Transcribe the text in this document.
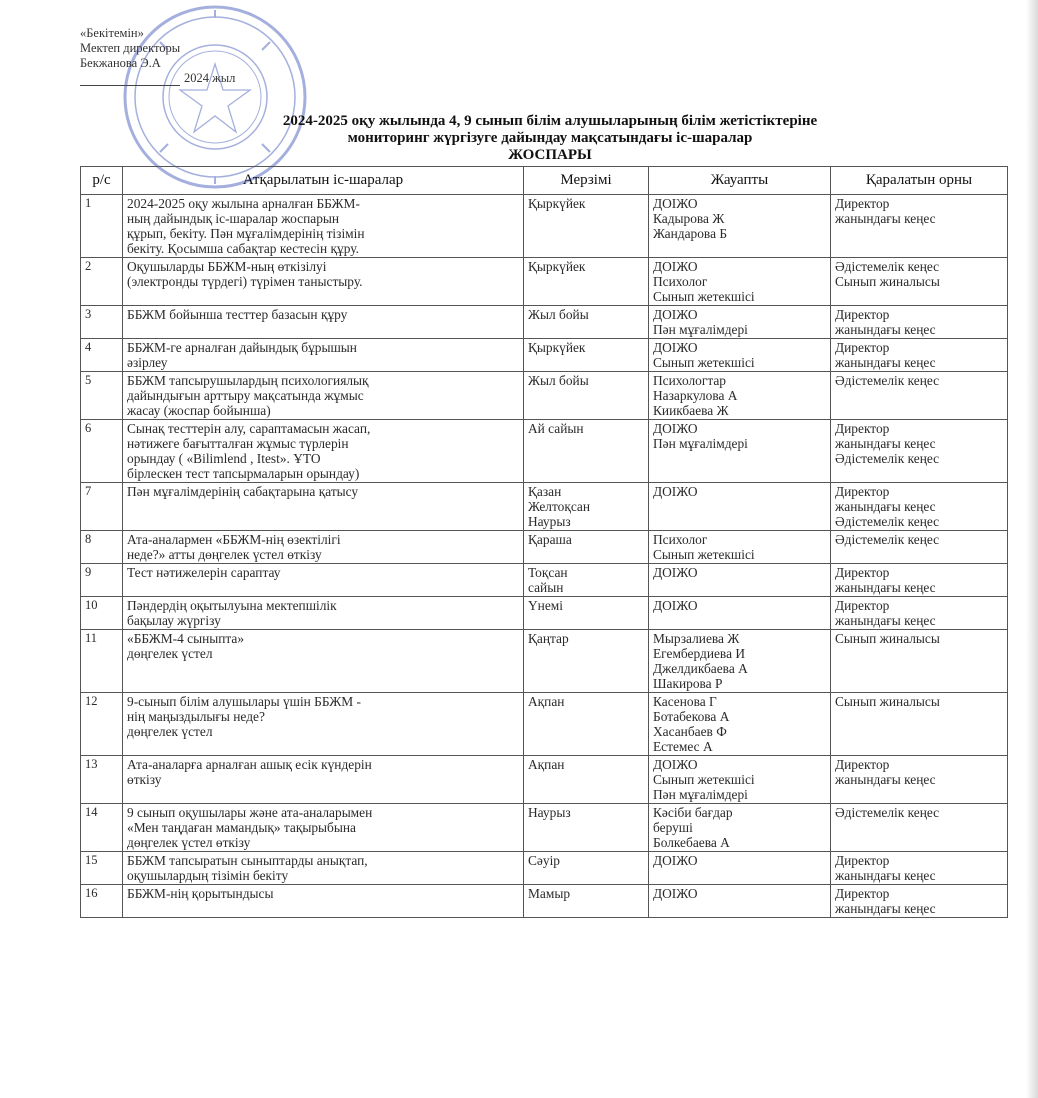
«Бекітемін»
Мектеп директоры
Бекжанова Э.А
2024 жыл
2024-2025 оқу жылында 4, 9 сынып білім алушыларының білім жетістіктеріне
мониторинг жүргізуге дайындау мақсатындағы іс-шаралар
ЖОСПАРЫ
р/с	Атқарылатын іс-шаралар	Мерзімі	Жауапты	Қаралатын орны
1	2024-2025 оқу жылына арналған ББЖМ-
ның дайындық іс-шаралар жоспарын
құрып, бекіту. Пән мұғалімдерінің тізімін
бекіту. Қосымша сабақтар кестесін құру.	Қыркүйек	ДОІЖО
Кадырова Ж
Жандарова Б	Директор
жанындағы кеңес

2	Оқушыларды ББЖМ-ның өткізілуі
(электронды түрдегі) түрімен таныстыру.	Қыркүйек	ДОІЖО
Психолог
Сынып жетекшісі	Әдістемелік кеңес
Сынып жиналысы

3	ББЖМ бойынша тесттер базасын құру	Жыл бойы	ДОІЖО
Пән мұғалімдері	Директор
жанындағы кеңес

4	ББЖМ-ге арналған дайындық бұрышын
әзірлеу	Қыркүйек	ДОІЖО
Сынып жетекшісі	Директор
жанындағы кеңес

5	ББЖМ тапсырушылардың психологиялық
дайындығын арттыру мақсатында жұмыс
жасау (жоспар бойынша)	Жыл бойы	Психологтар
Назаркулова А
Киикбаева Ж	Әдістемелік кеңес

6	Сынақ тесттерін алу, сараптамасын жасап,
нәтижеге бағытталған жұмыс түрлерін
орындау ( «Bilimlend , Itest». ҰТО
бірлескен тест тапсырмаларын орындау)	Ай сайын	ДОІЖО
Пән мұғалімдері	Директор
жанындағы кеңес
Әдістемелік кеңес

7	Пән мұғалімдерінің сабақтарына қатысу	Қазан
Желтоқсан
Наурыз	ДОІЖО	Директор
жанындағы кеңес
Әдістемелік кеңес

8	Ата-аналармен «ББЖМ-нің өзектілігі
неде?» атты дөңгелек үстел өткізу	Қараша	Психолог
Сынып жетекшісі	Әдістемелік кеңес

9	Тест нәтижелерін сараптау	Тоқсан
сайын	ДОІЖО	Директор
жанындағы кеңес

10	Пәндердің оқытылуына мектепшілік
бақылау жүргізу	Үнемі	ДОІЖО	Директор
жанындағы кеңес

11	«ББЖМ-4 сыныпта»
дөңгелек үстел	Қаңтар	Мырзалиева Ж
Егембердиева И
Джелдикбаева А
Шакирова Р	Сынып жиналысы

12	9-сынып білім алушылары үшін ББЖМ -
нің маңыздылығы неде?
дөңгелек үстел	Ақпан	Касенова Г
Ботабекова А
Хасанбаев Ф
Естемес А	Сынып жиналысы

13	Ата-аналарға арналған ашық есік күндерін
өткізу	Ақпан	ДОІЖО
Сынып жетекшісі
Пән мұғалімдері	Директор
жанындағы кеңес

14	9 сынып оқушылары және ата-аналарымен
«Мен таңдаған мамандық» тақырыбына
дөңгелек үстел өткізу	Наурыз	Кәсіби бағдар
беруші
Болкебаева А	Әдістемелік кеңес

15	ББЖМ тапсыратын сыныптарды анықтап,
оқушылардың тізімін бекіту	Сәуір	ДОІЖО	Директор
жанындағы кеңес

16	ББЖМ-нің қорытындысы	Мамыр	ДОІЖО	Директор
жанындағы кеңес
